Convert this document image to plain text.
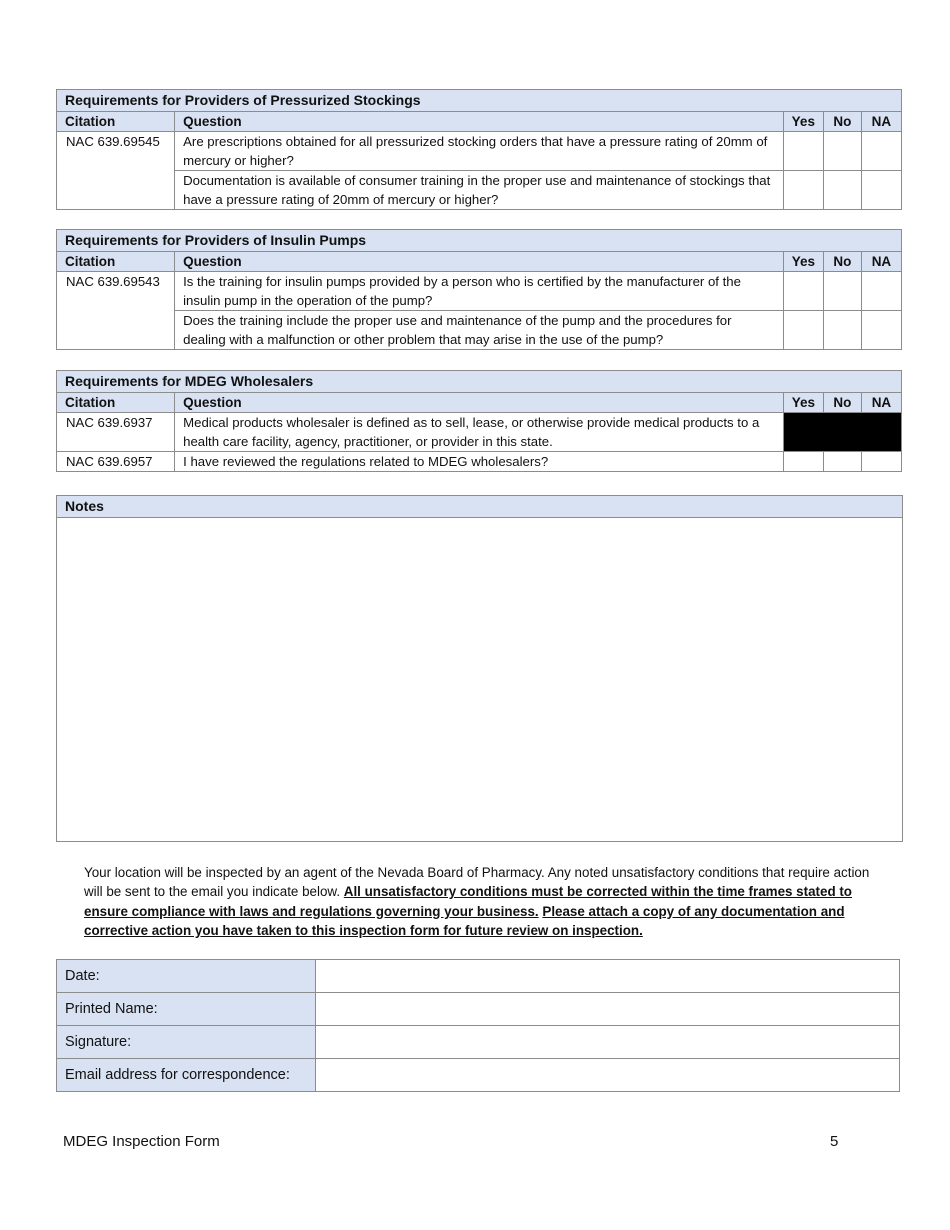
Requirements for Providers of Pressurized Stockings				
Citation	Question	Yes	No	NA
NAC 639.69545	Are prescriptions obtained for all pressurized stocking orders that have a pressure rating of 20mm of mercury or higher?			
	Documentation is available of consumer training in the proper use and maintenance of stockings that have a pressure rating of 20mm of mercury or higher?			
Requirements for Providers of Insulin Pumps				
Citation	Question	Yes	No	NA
NAC 639.69543	Is the training for insulin pumps provided by a person who is certified by the manufacturer of the insulin pump in the operation of the pump?			
	Does the training include the proper use and maintenance of the pump and the procedures for dealing with a malfunction or other problem that may arise in the use of the pump?			
Requirements for MDEG Wholesalers				
Citation	Question	Yes	No	NA
NAC 639.6937	Medical products wholesaler is defined as to sell, lease, or otherwise provide medical products to a health care facility, agency, practitioner, or provider in this state.			
NAC 639.6957	I have reviewed the regulations related to MDEG wholesalers?			
Notes

Your location will be inspected by an agent of the Nevada Board of Pharmacy. Any noted unsatisfactory conditions that require action will be sent to the email you indicate below. All unsatisfactory conditions must be corrected within the time frames stated to ensure compliance with laws and regulations governing your business. Please attach a copy of any documentation and corrective action you have taken to this inspection form for future review on inspection.
Date:	
Printed Name:	
Signature:	
Email address for correspondence:	
MDEG Inspection Form	5
